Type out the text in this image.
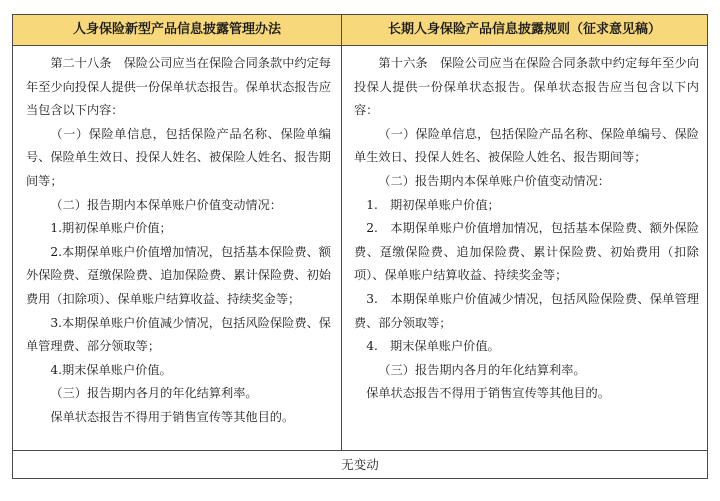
人身保险新型产品信息披露管理办法	长期人身保险产品信息披露规则（征求意见稿）

第二十八条　保险公司应当在保险合同条款中约定每年至少向投保人提供一份保单状态报告。保单状态报告应当包含以下内容：

（一）保险单信息，包括保险产品名称、保险单编号、保险单生效日、投保人姓名、被保险人姓名、报告期间等；

（二）报告期内本保单账户价值变动情况：

1.期初保单账户价值；

2.本期保单账户价值增加情况，包括基本保险费、额外保险费、趸缴保险费、追加保险费、累计保险费、初始费用（扣除项）、保单账户结算收益、持续奖金等；

3.本期保单账户价值减少情况，包括风险保险费、保单管理费、部分领取等；

4.期末保单账户价值。

（三）报告期内各月的年化结算利率。

保单状态报告不得用于销售宣传等其他目的。

第十六条　保险公司应当在保险合同条款中约定每年至少向投保人提供一份保单状态报告。保单状态报告应当包含以下内容：

（一）保险单信息，包括保险产品名称、保险单编号、保险单生效日、投保人姓名、被保险人姓名、报告期间等；

（二）报告期内本保单账户价值变动情况：

1.　期初保单账户价值；

2.　本期保单账户价值增加情况，包括基本保险费、额外保险费、趸缴保险费、追加保险费、累计保险费、初始费用（扣除项）、保单账户结算收益、持续奖金等；

3.　本期保单账户价值减少情况，包括风险保险费、保单管理费、部分领取等；

4.　期末保单账户价值。

（三）报告期内各月的年化结算利率。

保单状态报告不得用于销售宣传等其他目的。

无变动
